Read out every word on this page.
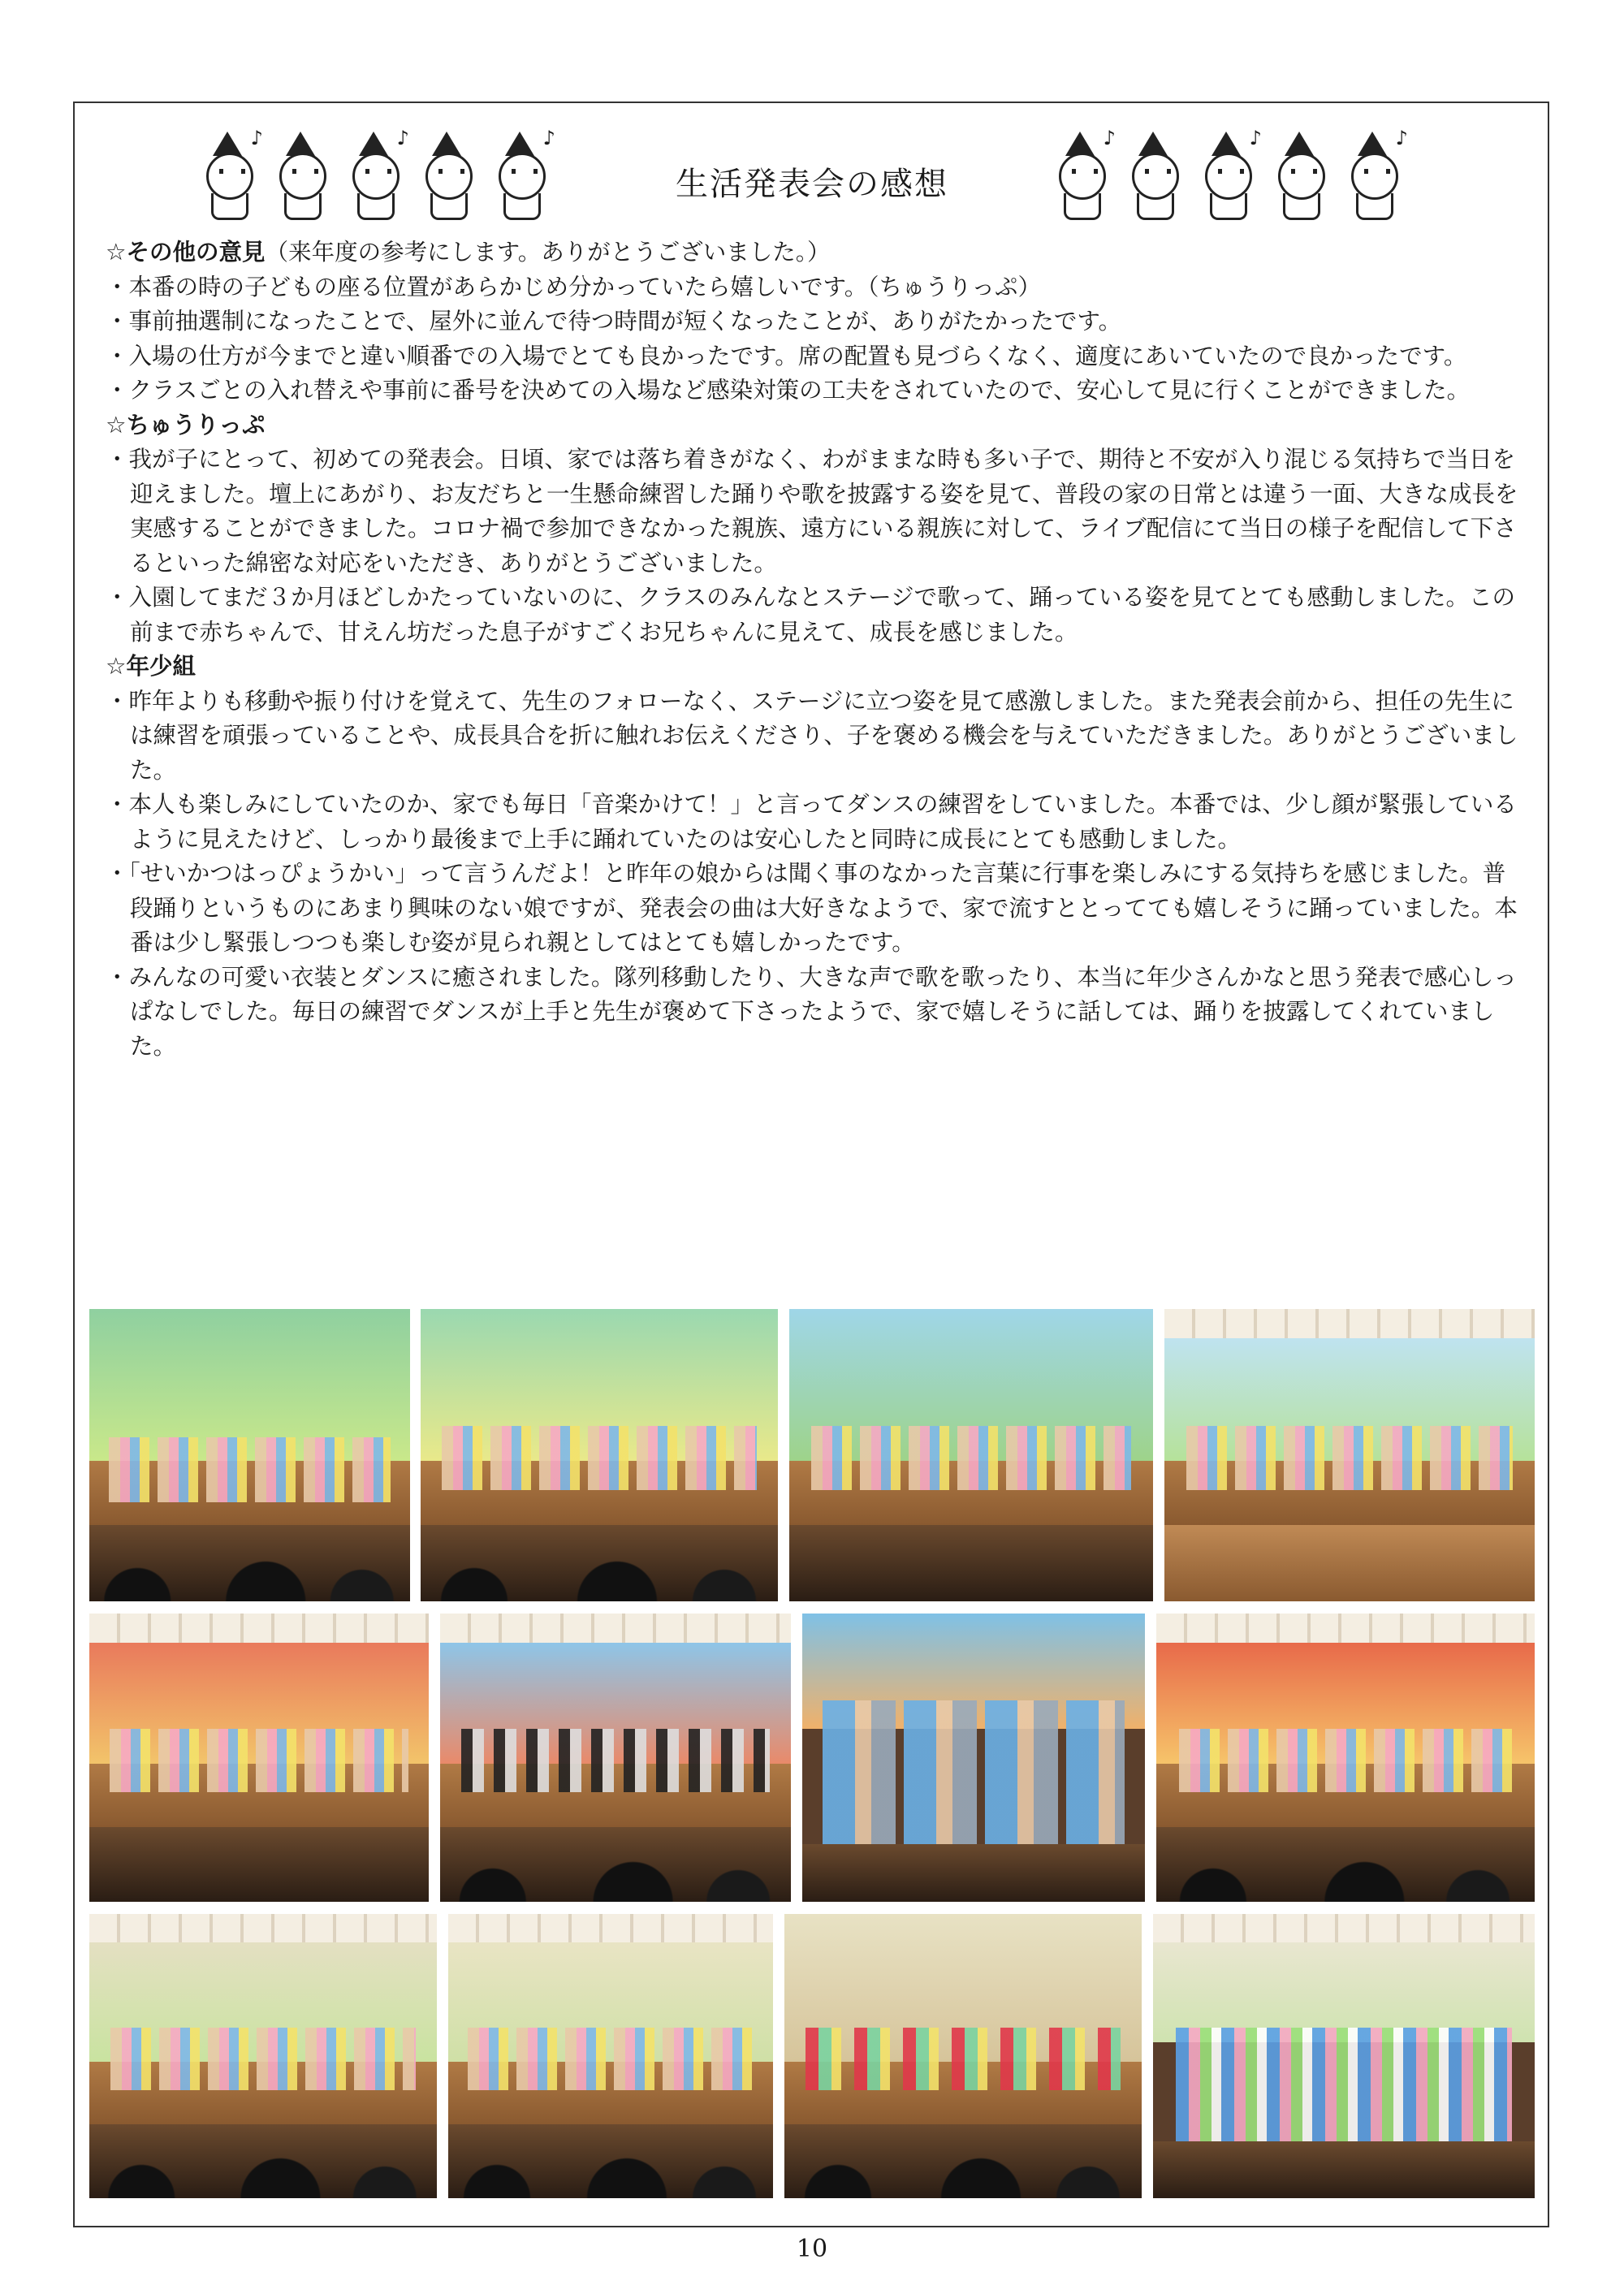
♪	♪	♪
生活発表会の感想
♪	♪	♪
☆その他の意見（来年度の参考にします。ありがとうございました。）
・本番の時の子どもの座る位置があらかじめ分かっていたら嬉しいです。（ちゅうりっぷ）
・事前抽選制になったことで、屋外に並んで待つ時間が短くなったことが、ありがたかったです。
・入場の仕方が今までと違い順番での入場でとても良かったです。席の配置も見づらくなく、適度にあいていたので良かったです。
・クラスごとの入れ替えや事前に番号を決めての入場など感染対策の工夫をされていたので、安心して見に行くことができました。
☆ちゅうりっぷ
・我が子にとって、初めての発表会。日頃、家では落ち着きがなく、わがままな時も多い子で、期待と不安が入り混じる気持ちで当日を迎えました。壇上にあがり、お友だちと一生懸命練習した踊りや歌を披露する姿を見て、普段の家の日常とは違う一面、大きな成長を実感することができました。コロナ禍で参加できなかった親族、遠方にいる親族に対して、ライブ配信にて当日の様子を配信して下さるといった綿密な対応をいただき、ありがとうございました。
・入園してまだ３か月ほどしかたっていないのに、クラスのみんなとステージで歌って、踊っている姿を見てとても感動しました。この前まで赤ちゃんで、甘えん坊だった息子がすごくお兄ちゃんに見えて、成長を感じました。
☆年少組
・昨年よりも移動や振り付けを覚えて、先生のフォローなく、ステージに立つ姿を見て感激しました。また発表会前から、担任の先生には練習を頑張っていることや、成長具合を折に触れお伝えくださり、子を褒める機会を与えていただきました。ありがとうございました。
・本人も楽しみにしていたのか、家でも毎日「音楽かけて！」と言ってダンスの練習をしていました。本番では、少し顔が緊張しているように見えたけど、しっかり最後まで上手に踊れていたのは安心したと同時に成長にとても感動しました。
・「せいかつはっぴょうかい」って言うんだよ！と昨年の娘からは聞く事のなかった言葉に行事を楽しみにする気持ちを感じました。普段踊りというものにあまり興味のない娘ですが、発表会の曲は大好きなようで、家で流すととってても嬉しそうに踊っていました。本番は少し緊張しつつも楽しむ姿が見られ親としてはとても嬉しかったです。
・みんなの可愛い衣装とダンスに癒されました。隊列移動したり、大きな声で歌を歌ったり、本当に年少さんかなと思う発表で感心しっぱなしでした。毎日の練習でダンスが上手と先生が褒めて下さったようで、家で嬉しそうに話しては、踊りを披露してくれていました。
10
